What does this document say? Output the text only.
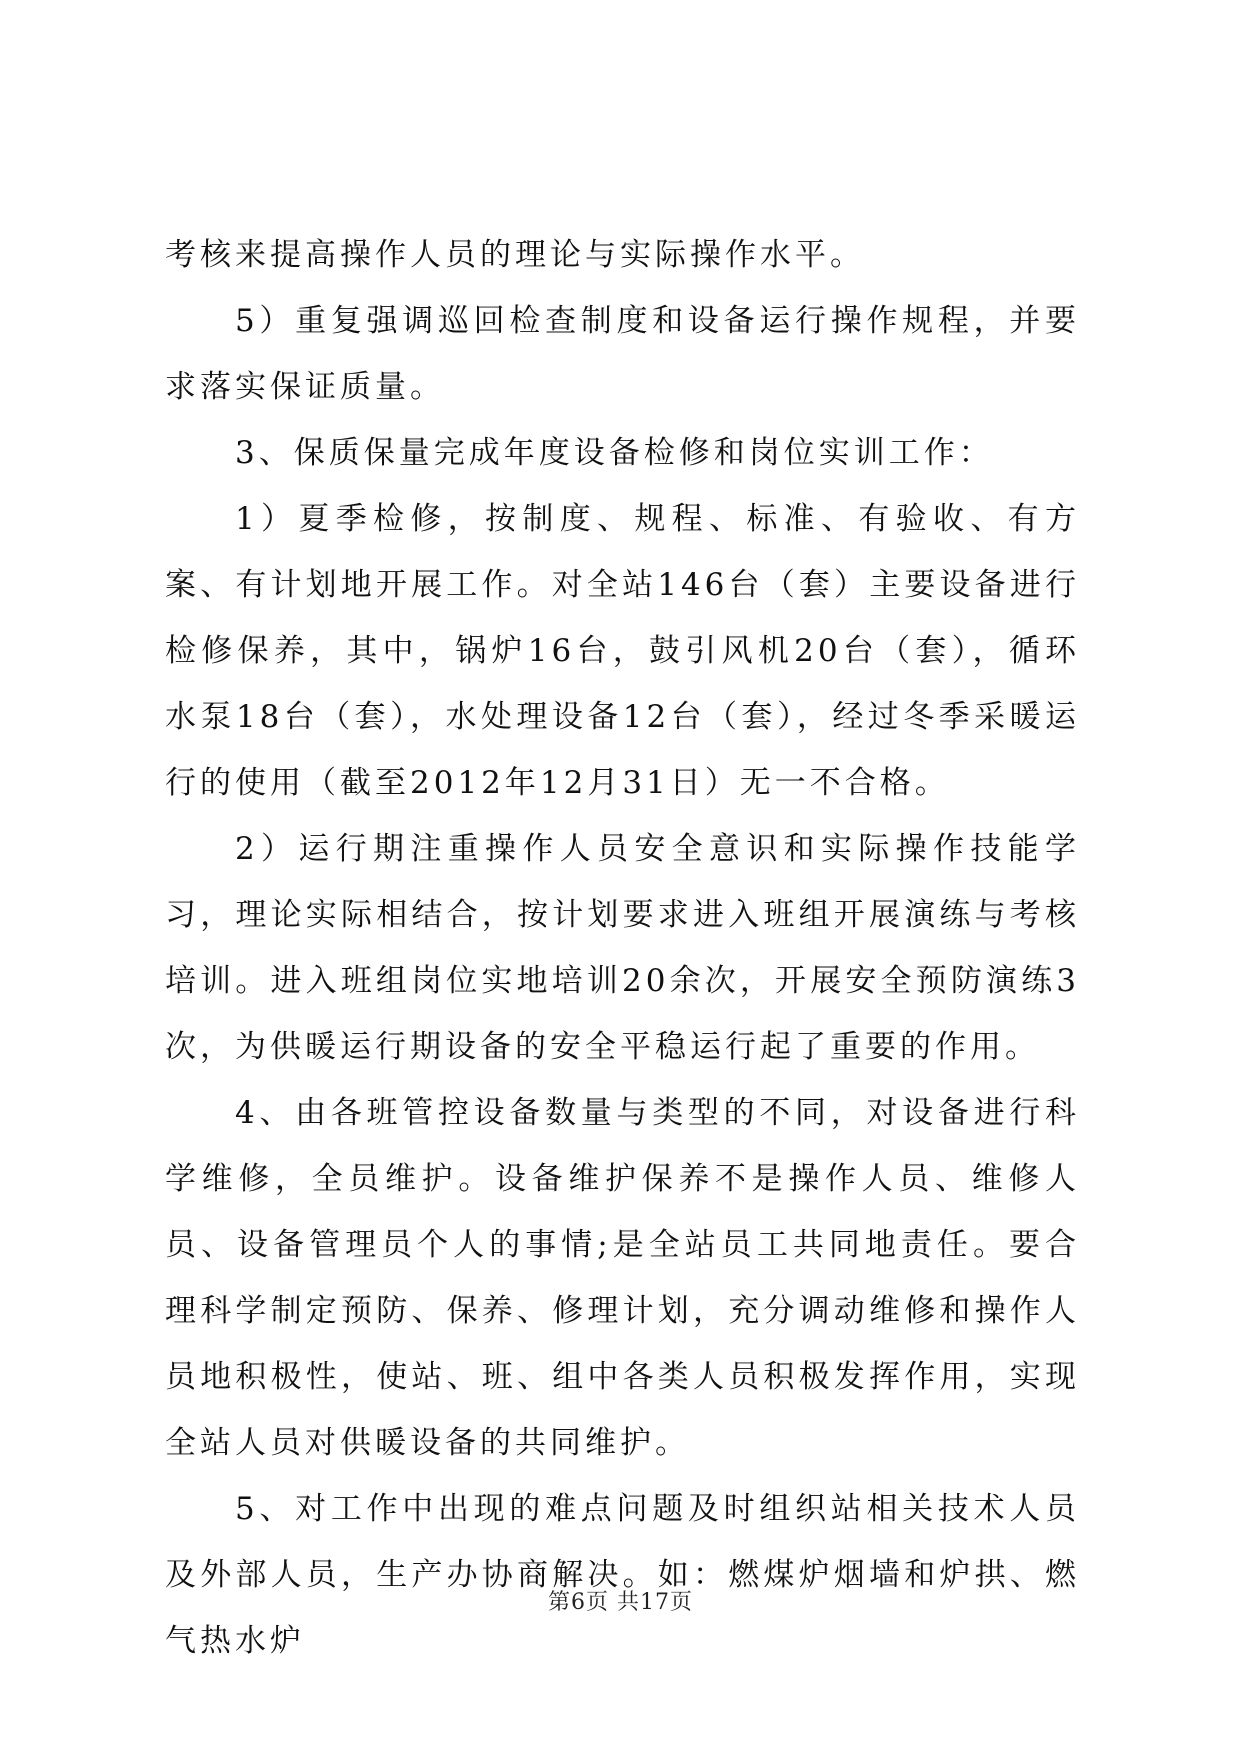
考核来提高操作人员的理论与实际操作水平。

5）重复强调巡回检查制度和设备运行操作规程，并要求落实保证质量。

3、保质保量完成年度设备检修和岗位实训工作：

1）夏季检修，按制度、规程、标准、有验收、有方案、有计划地开展工作。对全站146台（套）主要设备进行检修保养，其中，锅炉16台，鼓引风机20台（套），循环水泵18台（套），水处理设备12台（套），经过冬季采暖运行的使用（截至2012年12月31日）无一不合格。

2）运行期注重操作人员安全意识和实际操作技能学习，理论实际相结合，按计划要求进入班组开展演练与考核培训。进入班组岗位实地培训20余次，开展安全预防演练3次，为供暖运行期设备的安全平稳运行起了重要的作用。

4、由各班管控设备数量与类型的不同，对设备进行科学维修，全员维护。设备维护保养不是操作人员、维修人员、设备管理员个人的事情;是全站员工共同地责任。要合理科学制定预防、保养、修理计划，充分调动维修和操作人员地积极性，使站、班、组中各类人员积极发挥作用，实现全站人员对供暖设备的共同维护。

5、对工作中出现的难点问题及时组织站相关技术人员及外部人员，生产办协商解决。如：燃煤炉烟墙和炉拱、燃气热水炉

第6页 共17页
